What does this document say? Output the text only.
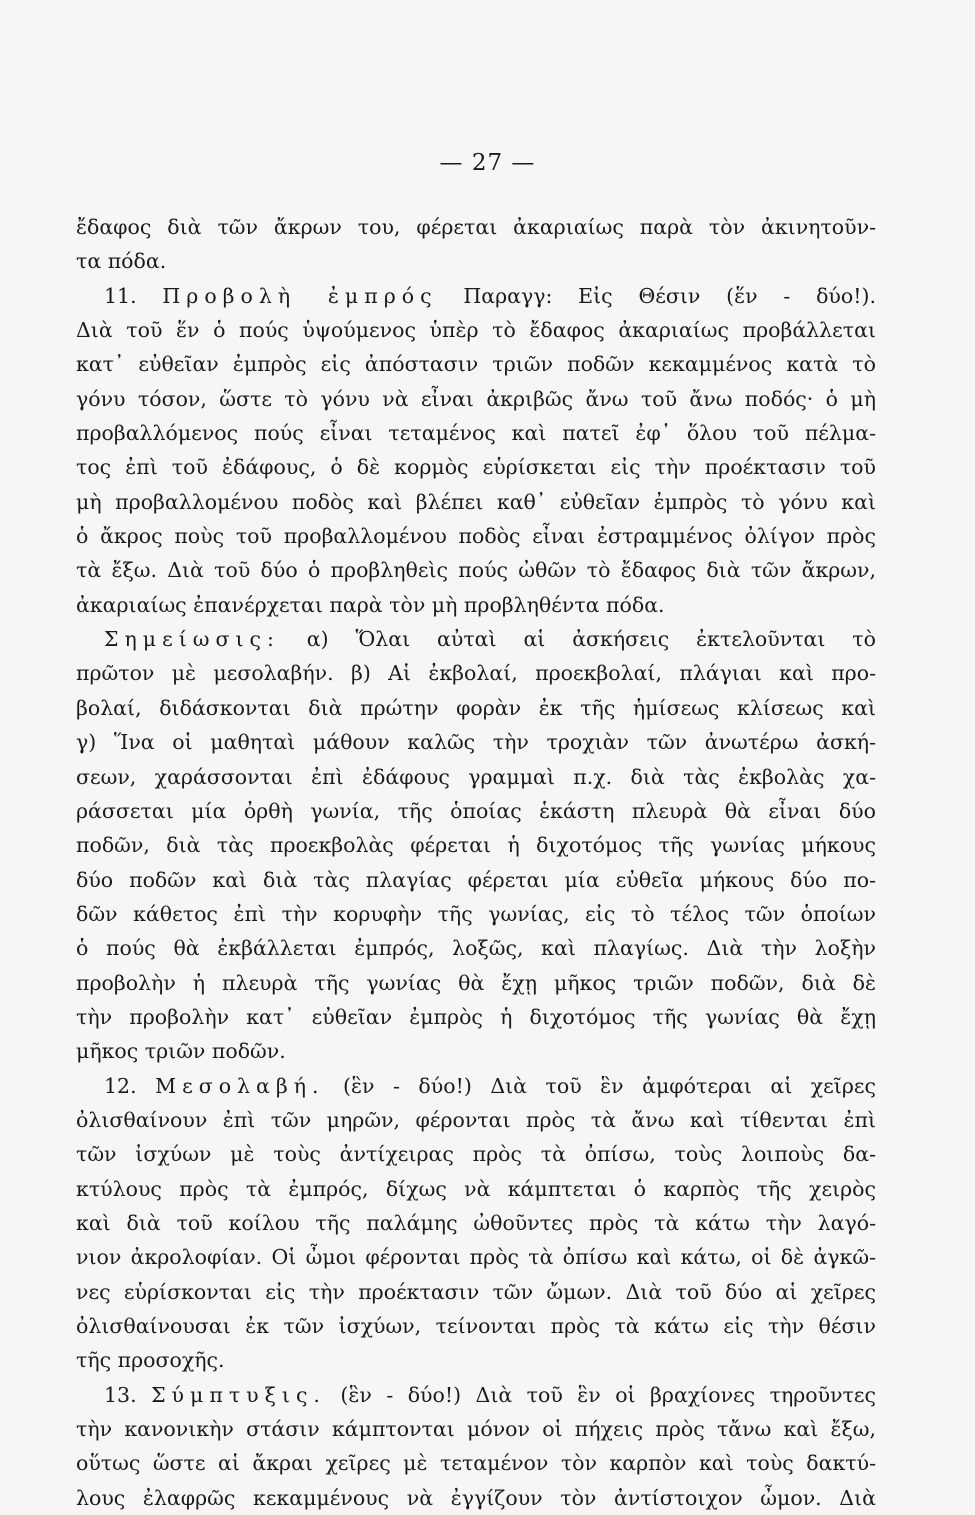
— 27 —
ἔδαφος διὰ τῶν ἄκρων του, φέρεται ἀκαριαίως παρὰ τὸν ἀκινητοῦν-
τα πόδα.
11. Προβολὴ ἐμπρός Παραγγ: Εἰς Θέσιν (ἕν - δύο!).
Διὰ τοῦ ἕν ὁ πούς ὑψούμενος ὑπὲρ τὸ ἔδαφος ἀκαριαίως προβάλλεται
κατ᾽ εὐθεῖαν ἐμπρὸς εἰς ἀπόστασιν τριῶν ποδῶν κεκαμμένος κατὰ τὸ
γόνυ τόσον, ὥστε τὸ γόνυ νὰ εἶναι ἀκριβῶς ἄνω τοῦ ἄνω ποδός· ὁ μὴ
προβαλλόμενος πούς εἶναι τεταμένος καὶ πατεῖ ἐφ᾽ ὅλου τοῦ πέλμα-
τος ἐπὶ τοῦ ἐδάφους, ὁ δὲ κορμὸς εὑρίσκεται εἰς τὴν προέκτασιν τοῦ
μὴ προβαλλομένου ποδὸς καὶ βλέπει καθ᾽ εὐθεῖαν ἐμπρὸς τὸ γόνυ καὶ
ὁ ἄκρος ποὺς τοῦ προβαλλομένου ποδὸς εἶναι ἐστραμμένος ὀλίγον πρὸς
τὰ ἔξω. Διὰ τοῦ δύο ὁ προβληθεὶς πούς ὠθῶν τὸ ἔδαφος διὰ τῶν ἄκρων,
ἀκαριαίως ἐπανέρχεται παρὰ τὸν μὴ προβληθέντα πόδα.
Σημείωσις: α) Ὅλαι αὐταὶ αἱ ἀσκήσεις ἐκτελοῦνται τὸ
πρῶτον μὲ μεσολαβήν. β) Αἱ ἐκβολαί, προεκβολαί, πλάγιαι καὶ προ-
βολαί, διδάσκονται διὰ πρώτην φορὰν ἐκ τῆς ἡμίσεως κλίσεως καὶ
γ) Ἵνα οἱ μαθηταὶ μάθουν καλῶς τὴν τροχιὰν τῶν ἀνωτέρω ἀσκή-
σεων, χαράσσονται ἐπὶ ἐδάφους γραμμαὶ π.χ. διὰ τὰς ἐκβολὰς χα-
ράσσεται μία ὀρθὴ γωνία, τῆς ὁποίας ἑκάστη πλευρὰ θὰ εἶναι δύο
ποδῶν, διὰ τὰς προεκβολὰς φέρεται ἡ διχοτόμος τῆς γωνίας μήκους
δύο ποδῶν καὶ διὰ τὰς πλαγίας φέρεται μία εὐθεῖα μήκους δύο πο-
δῶν κάθετος ἐπὶ τὴν κορυφὴν τῆς γωνίας, εἰς τὸ τέλος τῶν ὁποίων
ὁ πούς θὰ ἐκβάλλεται ἐμπρός, λοξῶς, καὶ πλαγίως. Διὰ τὴν λοξὴν
προβολὴν ἡ πλευρὰ τῆς γωνίας θὰ ἔχῃ μῆκος τριῶν ποδῶν, διὰ δὲ
τὴν προβολὴν κατ᾽ εὐθεῖαν ἐμπρὸς ἡ διχοτόμος τῆς γωνίας θὰ ἔχῃ
μῆκος τριῶν ποδῶν.
12. Μεσολαβή. (ἓν - δύο!) Διὰ τοῦ ἓν ἀμφότεραι αἱ χεῖρες
ὀλισθαίνουν ἐπὶ τῶν μηρῶν, φέρονται πρὸς τὰ ἄνω καὶ τίθενται ἐπὶ
τῶν ἰσχύων μὲ τοὺς ἀντίχειρας πρὸς τὰ ὀπίσω, τοὺς λοιποὺς δα-
κτύλους πρὸς τὰ ἐμπρός, δίχως νὰ κάμπτεται ὁ καρπὸς τῆς χειρὸς
καὶ διὰ τοῦ κοίλου τῆς παλάμης ὠθοῦντες πρὸς τὰ κάτω τὴν λαγό-
νιον ἀκρολοφίαν. Οἱ ὦμοι φέρονται πρὸς τὰ ὀπίσω καὶ κάτω, οἱ δὲ ἀγκῶ-
νες εὑρίσκονται εἰς τὴν προέκτασιν τῶν ὤμων. Διὰ τοῦ δύο αἱ χεῖρες
ὀλισθαίνουσαι ἐκ τῶν ἰσχύων, τείνονται πρὸς τὰ κάτω εἰς τὴν θέσιν
τῆς προσοχῆς.
13. Σύμπτυξις. (ἓν - δύο!) Διὰ τοῦ ἓν οἱ βραχίονες τηροῦντες
τὴν κανονικὴν στάσιν κάμπτονται μόνον οἱ πήχεις πρὸς τἄνω καὶ ἔξω,
οὕτως ὥστε αἱ ἄκραι χεῖρες μὲ τεταμένον τὸν καρπὸν καὶ τοὺς δακτύ-
λους ἐλαφρῶς κεκαμμένους νὰ ἐγγίζουν τὸν ἀντίστοιχον ὦμον. Διὰ
